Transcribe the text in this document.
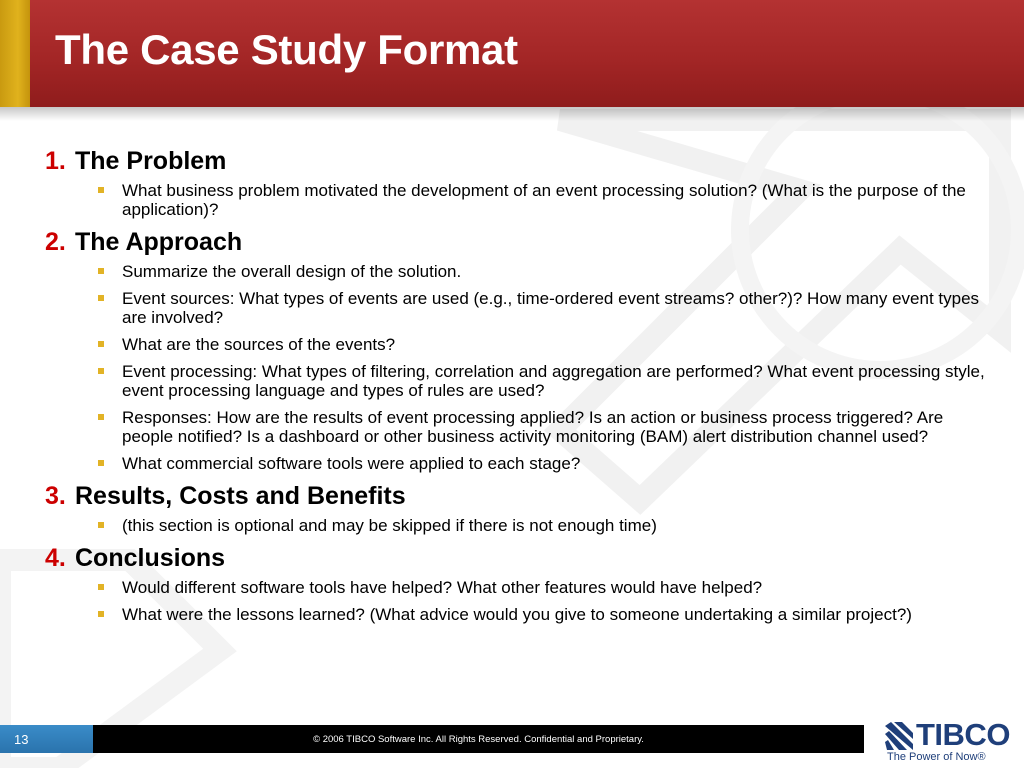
The Case Study Format
1. The Problem
What business problem motivated the development of an event processing solution? (What is the purpose of the application)?
2. The Approach
Summarize the overall design of the solution.
Event sources: What types of events are used (e.g., time-ordered event streams? other?)? How many event types are involved?
What are the sources of the events?
Event processing: What types of filtering, correlation and aggregation are performed? What event processing style, event processing language and types of rules are used?
Responses: How are the results of event processing applied? Is an action or business process triggered? Are people notified? Is a dashboard or other business activity monitoring (BAM) alert distribution channel used?
What commercial software tools were applied to each stage?
3. Results, Costs and Benefits
(this section is optional and may be skipped if there is not enough time)
4. Conclusions
Would different software tools have helped? What other features would have helped?
What were the lessons learned? (What advice would you give to someone undertaking a similar project?)
13	© 2006 TIBCO Software Inc. All Rights Reserved. Confidential and Proprietary.	TIBCO
The Power of Now®
